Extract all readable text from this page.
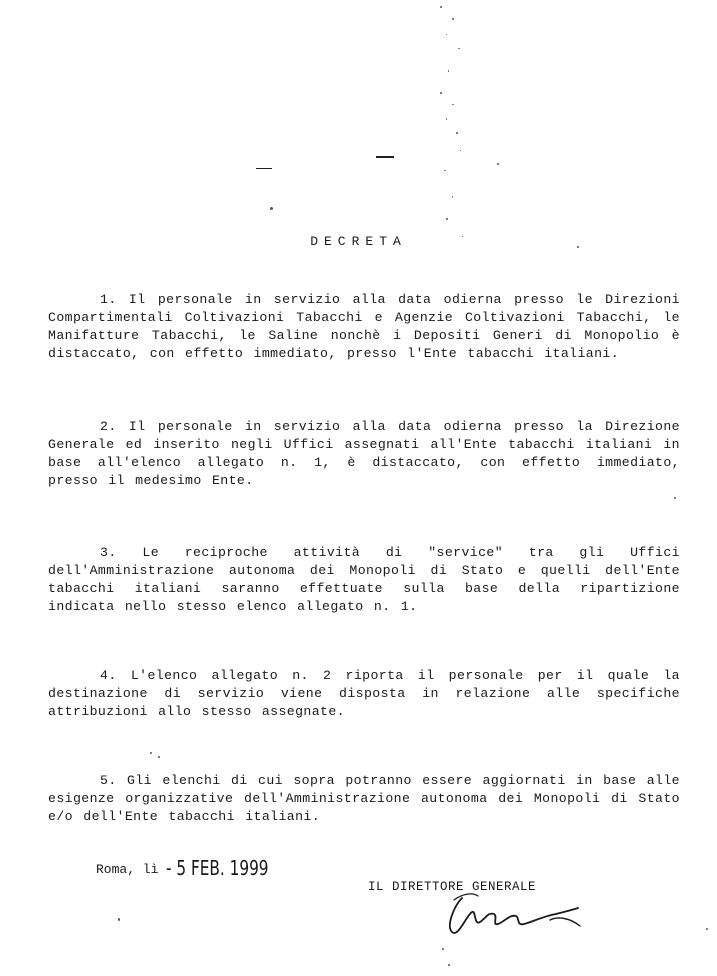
DECRETA
1. Il personale in servizio alla data odierna presso le Direzioni Compartimentali Coltivazioni Tabacchi e Agenzie Coltivazioni Tabacchi, le Manifatture Tabacchi, le Saline nonchè i Depositi Generi di Monopolio è distaccato, con effetto immediato, presso l'Ente tabacchi italiani.
2. Il personale in servizio alla data odierna presso la Direzione Generale ed inserito negli Uffici assegnati all'Ente tabacchi italiani in base all'elenco allegato n. 1, è distaccato, con effetto immediato, presso il medesimo Ente.
3. Le reciproche attività di "service" tra gli Uffici dell'Amministrazione autonoma dei Monopoli di Stato e quelli dell'Ente tabacchi italiani saranno effettuate sulla base della ripartizione indicata nello stesso elenco allegato n. 1.
4. L'elenco allegato n. 2 riporta il personale per il quale la destinazione di servizio viene disposta in relazione alle specifiche attribuzioni allo stesso assegnate.
5. Gli elenchi di cui sopra potranno essere aggiornati in base alle esigenze organizzative dell'Amministrazione autonoma dei Monopoli di Stato e/o dell'Ente tabacchi italiani.
Roma, lì - 5 FEB. 1999
IL DIRETTORE GENERALE
